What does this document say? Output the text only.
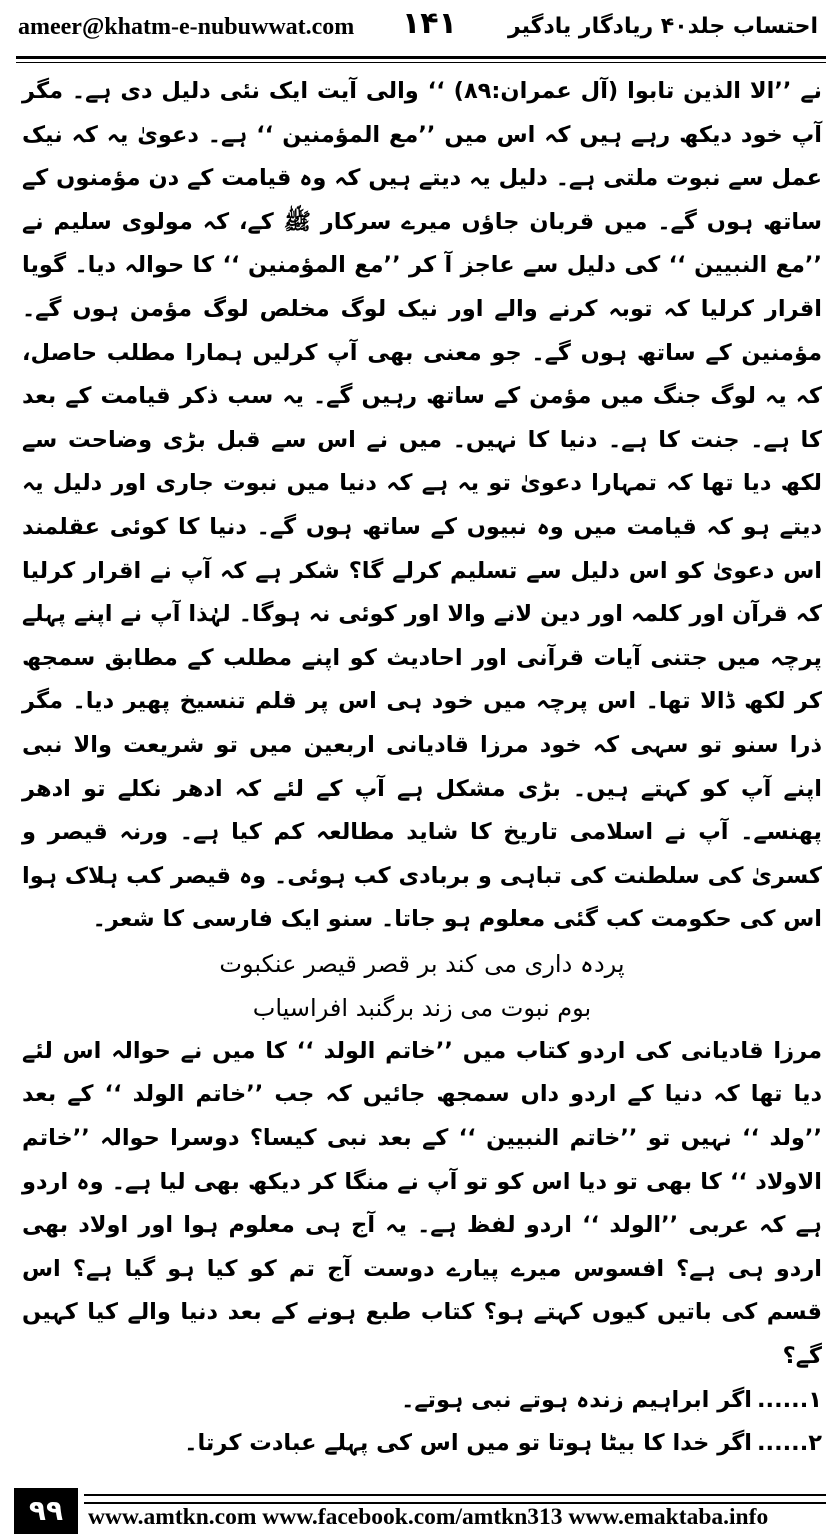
ameer@khatm-e-nubuwwat.com ۱۴۱ احتساب جلد۴۰ ریادگار یادگیر

نے ’’الا الذین تابوا (آل عمران:۸۹) ‘‘ والی آیت ایک نئی دلیل دی ہے۔ مگر آپ خود دیکھ رہے ہیں کہ اس میں ’’مع المؤمنین ‘‘ ہے۔ دعویٰ یہ کہ نیک عمل سے نبوت ملتی ہے۔ دلیل یہ دیتے ہیں کہ وہ قیامت کے دن مؤمنوں کے ساتھ ہوں گے۔ میں قربان جاؤں میرے سرکار ﷺ کے، کہ مولوی سلیم نے ’’مع النبیین ‘‘ کی دلیل سے عاجز آ کر ’’مع المؤمنین ‘‘ کا حوالہ دیا۔ گویا اقرار کرلیا کہ توبہ کرنے والے اور نیک لوگ مخلص لوگ مؤمن ہوں گے۔ مؤمنین کے ساتھ ہوں گے۔ جو معنی بھی آپ کرلیں ہمارا مطلب حاصل، کہ یہ لوگ جنگ میں مؤمن کے ساتھ رہیں گے۔ یہ سب ذکر قیامت کے بعد کا ہے۔ جنت کا ہے۔ دنیا کا نہیں۔ میں نے اس سے قبل بڑی وضاحت سے لکھ دیا تھا کہ تمہارا دعویٰ تو یہ ہے کہ دنیا میں نبوت جاری اور دلیل یہ دیتے ہو کہ قیامت میں وہ نبیوں کے ساتھ ہوں گے۔ دنیا کا کوئی عقلمند اس دعویٰ کو اس دلیل سے تسلیم کرلے گا؟ شکر ہے کہ آپ نے اقرار کرلیا کہ قرآن اور کلمہ اور دین لانے والا اور کوئی نہ ہوگا۔ لہٰذا آپ نے اپنے پہلے پرچہ میں جتنی آیات قرآنی اور احادیث کو اپنے مطلب کے مطابق سمجھ کر لکھ ڈالا تھا۔ اس پرچہ میں خود ہی اس پر قلم تنسیخ پھیر دیا۔ مگر ذرا سنو تو سہی کہ خود مرزا قادیانی اربعین میں تو شریعت والا نبی اپنے آپ کو کہتے ہیں۔ بڑی مشکل ہے آپ کے لئے کہ ادھر نکلے تو ادھر پھنسے۔ آپ نے اسلامی تاریخ کا شاید مطالعہ کم کیا ہے۔ ورنہ قیصر و کسریٰ کی سلطنت کی تباہی و بربادی کب ہوئی۔ وہ قیصر کب ہلاک ہوا اس کی حکومت کب گئی معلوم ہو جاتا۔ سنو ایک فارسی کا شعر۔

پردہ داری می کند بر قصر قیصر عنکبوت
بوم نبوت می زند برگنبد افراسیاب

مرزا قادیانی کی اردو کتاب میں ’’خاتم الولد ‘‘ کا میں نے حوالہ اس لئے دیا تھا کہ دنیا کے اردو داں سمجھ جائیں کہ جب ’’خاتم الولد ‘‘ کے بعد ’’ولد ‘‘ نہیں تو ’’خاتم النبیین ‘‘ کے بعد نبی کیسا؟ دوسرا حوالہ ’’خاتم الاولاد ‘‘ کا بھی تو دیا اس کو تو آپ نے منگا کر دیکھ بھی لیا ہے۔ وہ اردو ہے کہ عربی ’’الولد ‘‘ اردو لفظ ہے۔ یہ آج ہی معلوم ہوا اور اولاد بھی اردو ہی ہے؟ افسوس میرے پیارے دوست آج تم کو کیا ہو گیا ہے؟ اس قسم کی باتیں کیوں کہتے ہو؟ کتاب طبع ہونے کے بعد دنیا والے کیا کہیں گے؟

۱......
اگر ابراہیم زندہ ہوتے نبی ہوتے۔
۲......
اگر خدا کا بیٹا ہوتا تو میں اس کی پہلے عبادت کرتا۔
۹۹	www.amtkn.com www.facebook.com/amtkn313 www.emaktaba.info
